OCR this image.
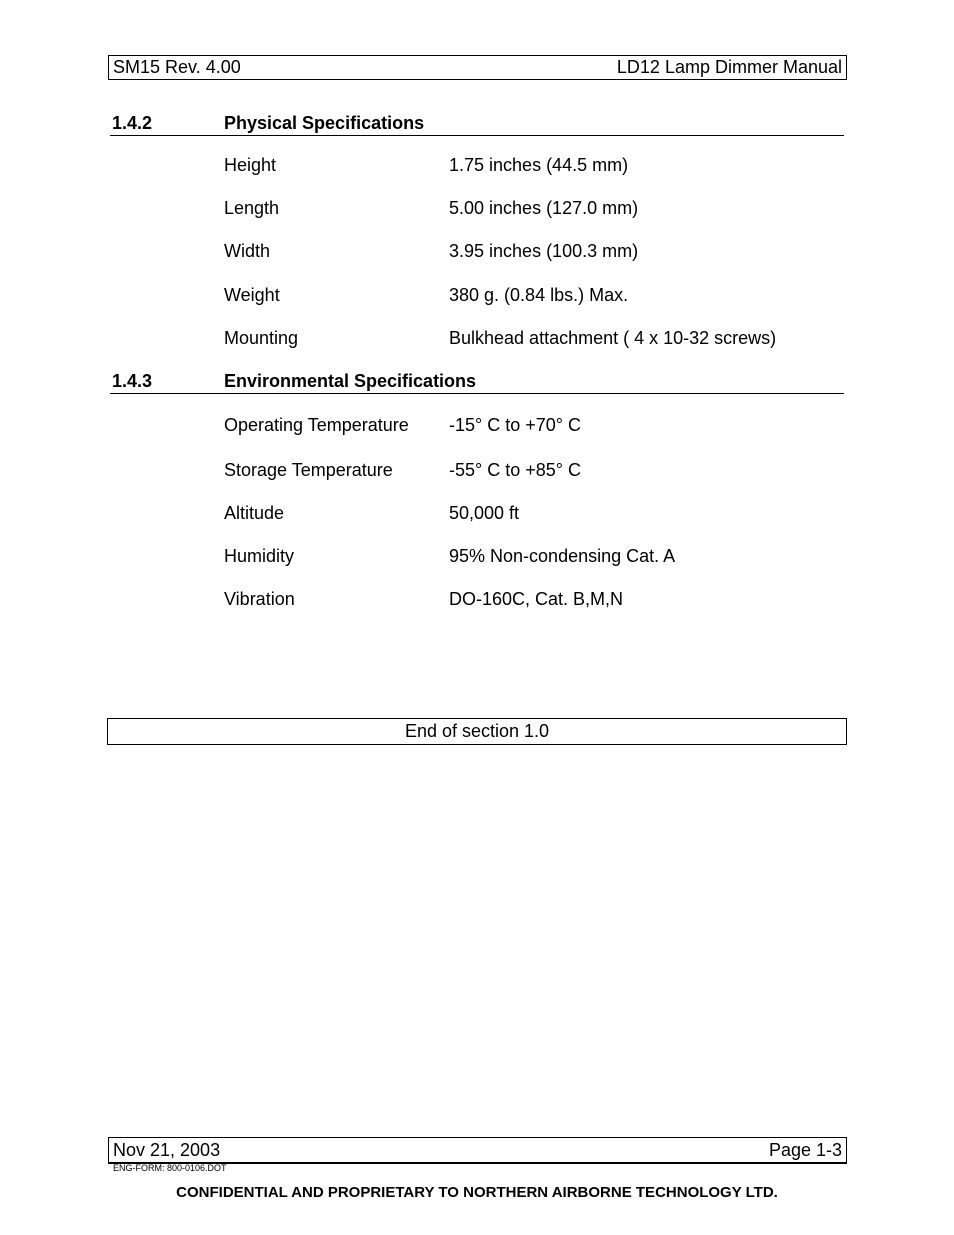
SM15 Rev. 4.00	LD12 Lamp Dimmer Manual
1.4.2	Physical Specifications
Height	1.75 inches (44.5 mm)
Length	5.00 inches (127.0 mm)
Width	3.95 inches (100.3 mm)
Weight	380 g. (0.84 lbs.) Max.
Mounting	Bulkhead attachment ( 4 x 10-32 screws)
1.4.3	Environmental Specifications
Operating Temperature -15° C to +70° C
Storage Temperature	-55° C to +85° C
Altitude	50,000 ft
Humidity	95% Non-condensing Cat. A
Vibration	DO-160C, Cat. B,M,N
End of section 1.0
Nov 21, 2003	Page 1-3
ENG-FORM: 800-0106.DOT
CONFIDENTIAL AND PROPRIETARY TO NORTHERN AIRBORNE TECHNOLOGY LTD.
